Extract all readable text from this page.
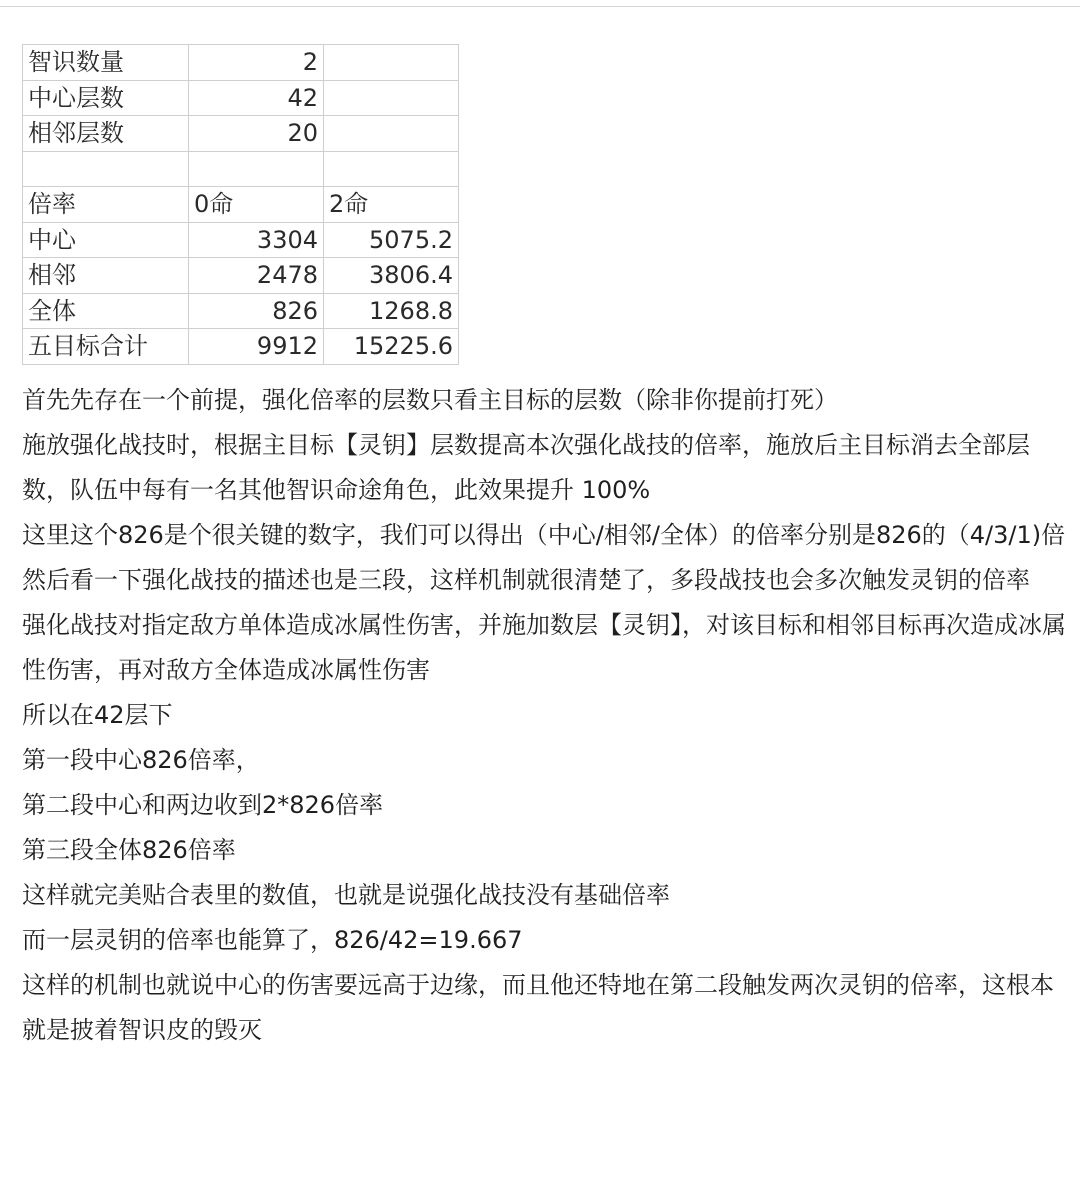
智识数量	2	
中心层数	42	
相邻层数	20	

倍率	0命	2命
中心	3304	5075.2
相邻	2478	3806.4
全体	826	1268.8
五目标合计	9912	15225.6

首先先存在一个前提，强化倍率的层数只看主目标的层数（除非你提前打死）

施放强化战技时，根据主目标【灵钥】层数提高本次强化战技的倍率，施放后主目标消去全部层数，队伍中每有一名其他智识命途角色，此效果提升 100%

这里这个826是个很关键的数字，我们可以得出（中心/相邻/全体）的倍率分别是826的（4/3/1)倍

然后看一下强化战技的描述也是三段，这样机制就很清楚了，多段战技也会多次触发灵钥的倍率

强化战技对指定敌方单体造成冰属性伤害，并施加数层【灵钥】，对该目标和相邻目标再次造成冰属性伤害，再对敌方全体造成冰属性伤害

所以在42层下

第一段中心826倍率，

第二段中心和两边收到2*826倍率

第三段全体826倍率

这样就完美贴合表里的数值，也就是说强化战技没有基础倍率

而一层灵钥的倍率也能算了，826/42=19.667

这样的机制也就说中心的伤害要远高于边缘，而且他还特地在第二段触发两次灵钥的倍率，这根本就是披着智识皮的毁灭
